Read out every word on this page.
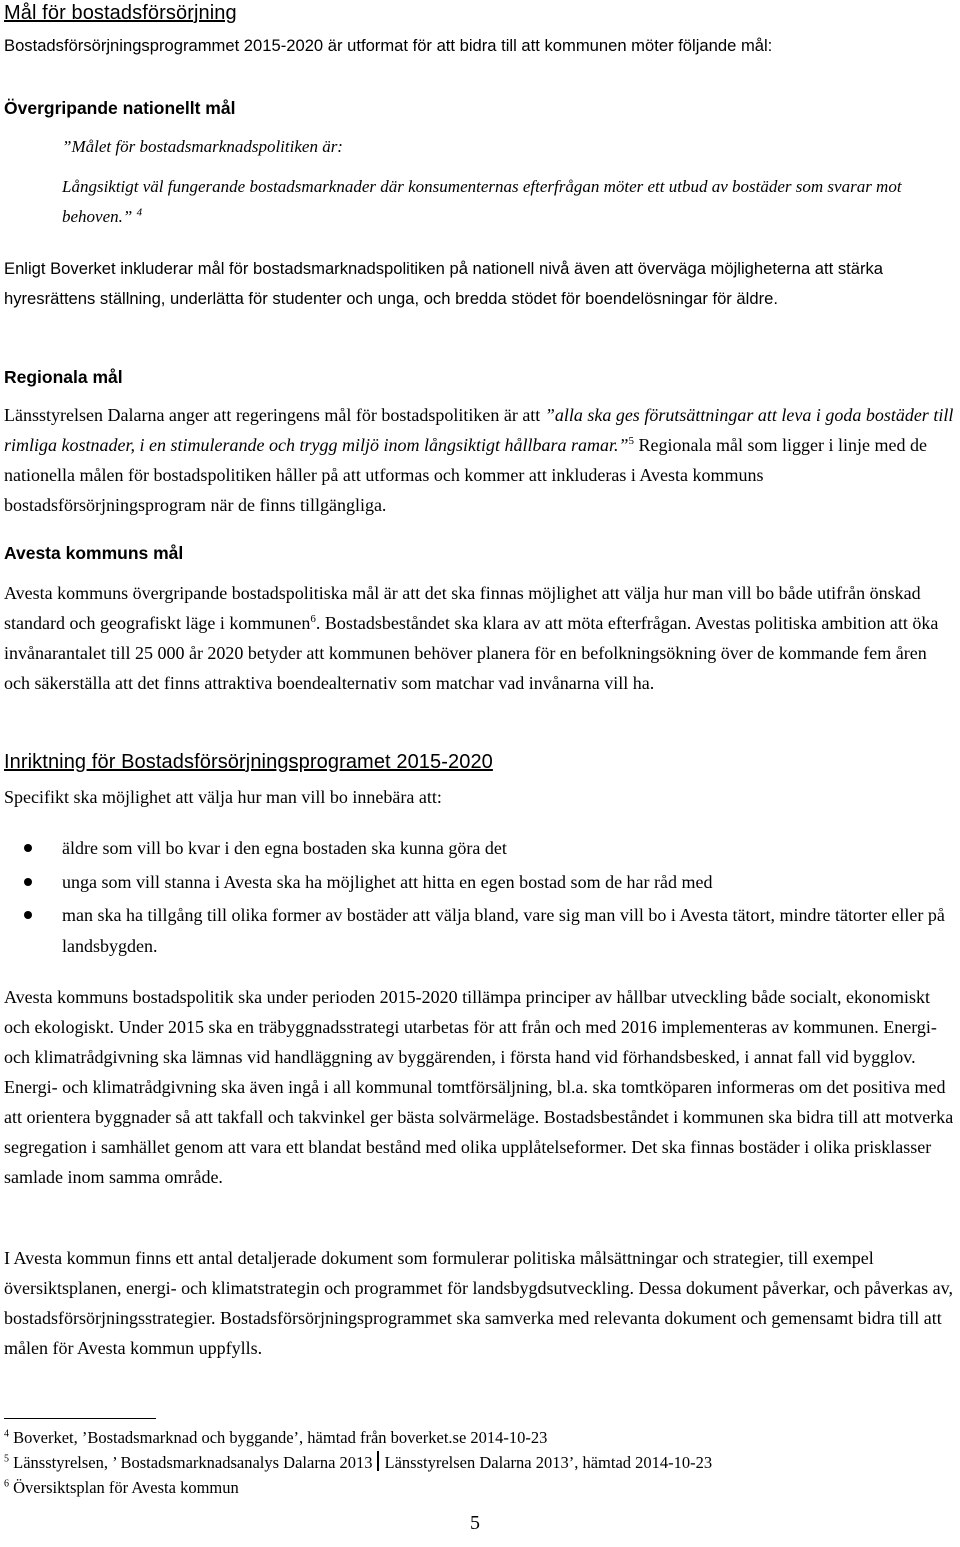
Mål för bostadsförsörjning

Bostadsförsörjningsprogrammet 2015-2020 är utformat för att bidra till att kommunen möter följande mål:

Övergripande nationellt mål

”Målet för bostadsmarknadspolitiken är:

Långsiktigt väl fungerande bostadsmarknader där konsumenternas efterfrågan möter ett utbud av bostäder som svarar mot behoven.” $^4$

Enligt Boverket inkluderar mål för bostadsmarknadspolitiken på nationell nivå även att överväga möjligheterna att stärka hyresrättens ställning, underlätta för studenter och unga, och bredda stödet för boendelösningar för äldre.

Regionala mål

Länsstyrelsen Dalarna anger att regeringens mål för bostadspolitiken är att ”alla ska ges förutsättningar att leva i goda bostäder till rimliga kostnader, i en stimulerande och trygg miljö inom långsiktigt hållbara ramar.”$^5$ Regionala mål som ligger i linje med de nationella målen för bostadspolitiken håller på att utformas och kommer att inkluderas i Avesta kommuns bostadsförsörjningsprogram när de finns tillgängliga.

Avesta kommuns mål

Avesta kommuns övergripande bostadspolitiska mål är att det ska finnas möjlighet att välja hur man vill bo både utifrån önskad standard och geografiskt läge i kommunen$^6$. Bostadsbeståndet ska klara av att möta efterfrågan. Avestas politiska ambition att öka invånarantalet till 25 000 år 2020 betyder att kommunen behöver planera för en befolkningsökning över de kommande fem åren och säkerställa att det finns attraktiva boendealternativ som matchar vad invånarna vill ha.

Inriktning för Bostadsförsörjningsprogramet 2015-2020

Specifikt ska möjlighet att välja hur man vill bo innebära att:

äldre som vill bo kvar i den egna bostaden ska kunna göra det
unga som vill stanna i Avesta ska ha möjlighet att hitta en egen bostad som de har råd med
man ska ha tillgång till olika former av bostäder att välja bland, vare sig man vill bo i Avesta tätort, mindre tätorter eller på landsbygden.

Avesta kommuns bostadspolitik ska under perioden 2015-2020 tillämpa principer av hållbar utveckling både socialt, ekonomiskt och ekologiskt. Under 2015 ska en träbyggnadsstrategi utarbetas för att från och med 2016 implementeras av kommunen. Energi- och klimatrådgivning ska lämnas vid handläggning av byggärenden, i första hand vid förhandsbesked, i annat fall vid bygglov. Energi- och klimatrådgivning ska även ingå i all kommunal tomtförsäljning, bl.a. ska tomtköparen informeras om det positiva med att orientera byggnader så att takfall och takvinkel ger bästa solvärmeläge. Bostadsbeståndet i kommunen ska bidra till att motverka segregation i samhället genom att vara ett blandat bestånd med olika upplåtelseformer. Det ska finnas bostäder i olika prisklasser samlade inom samma område.

I Avesta kommun finns ett antal detaljerade dokument som formulerar politiska målsättningar och strategier, till exempel översiktsplanen, energi- och klimatstrategin och programmet för landsbygdsutveckling. Dessa dokument påverkar, och påverkas av, bostadsförsörjningsstrategier. Bostadsförsörjningsprogrammet ska samverka med relevanta dokument och gemensamt bidra till att målen för Avesta kommun uppfylls.

$^4$ Boverket, ’Bostadsmarknad och byggande’, hämtad från boverket.se 2014-10-23
$^5$ Länsstyrelsen, ’ Bostadsmarknadsanalys Dalarna 2013 Länsstyrelsen Dalarna 2013’, hämtad 2014-10-23
$^6$ Översiktsplan för Avesta kommun
5
